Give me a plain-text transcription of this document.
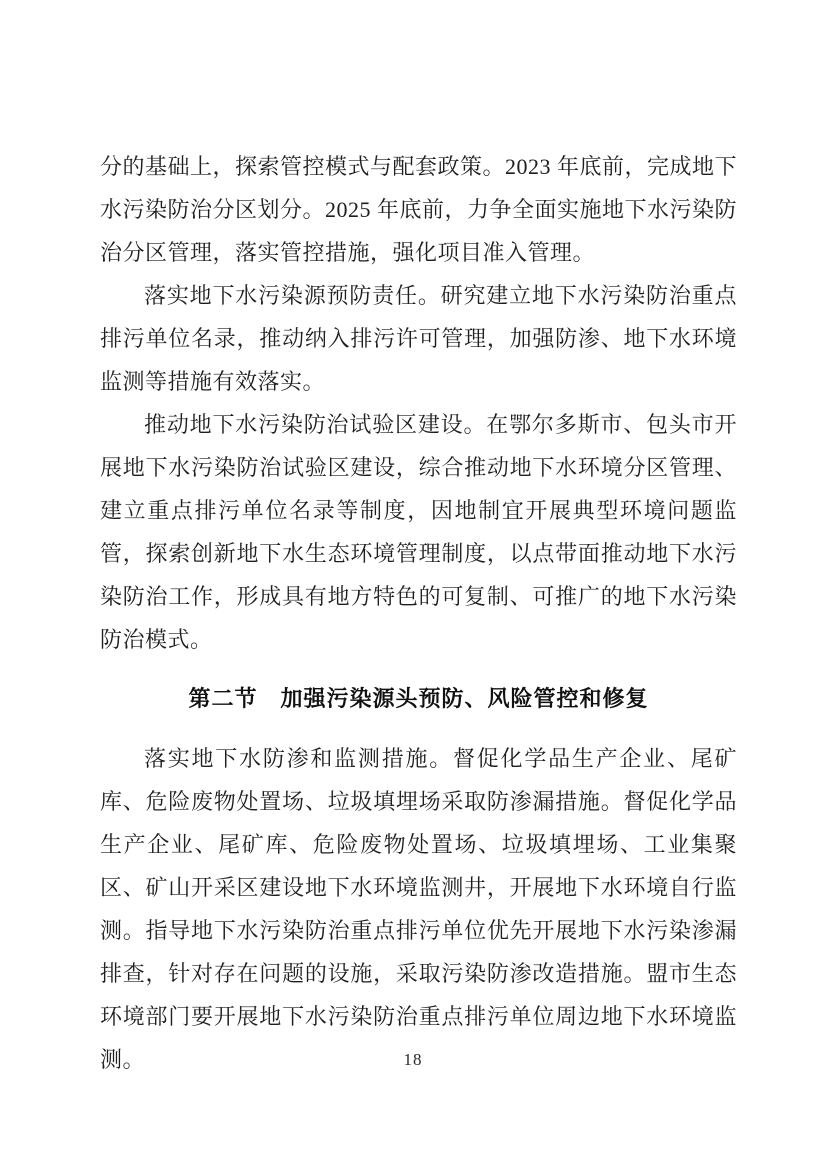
分的基础上，探索管控模式与配套政策。2023 年底前，完成地下水污染防治分区划分。2025 年底前，力争全面实施地下水污染防治分区管理，落实管控措施，强化项目准入管理。

落实地下水污染源预防责任。研究建立地下水污染防治重点排污单位名录，推动纳入排污许可管理，加强防渗、地下水环境监测等措施有效落实。

推动地下水污染防治试验区建设。在鄂尔多斯市、包头市开展地下水污染防治试验区建设，综合推动地下水环境分区管理、建立重点排污单位名录等制度，因地制宜开展典型环境问题监管，探索创新地下水生态环境管理制度，以点带面推动地下水污染防治工作，形成具有地方特色的可复制、可推广的地下水污染防治模式。

第二节　加强污染源头预防、风险管控和修复

落实地下水防渗和监测措施。督促化学品生产企业、尾矿库、危险废物处置场、垃圾填埋场采取防渗漏措施。督促化学品生产企业、尾矿库、危险废物处置场、垃圾填埋场、工业集聚区、矿山开采区建设地下水环境监测井，开展地下水环境自行监测。指导地下水污染防治重点排污单位优先开展地下水污染渗漏排查，针对存在问题的设施，采取污染防渗改造措施。盟市生态环境部门要开展地下水污染防治重点排污单位周边地下水环境监测。	18
